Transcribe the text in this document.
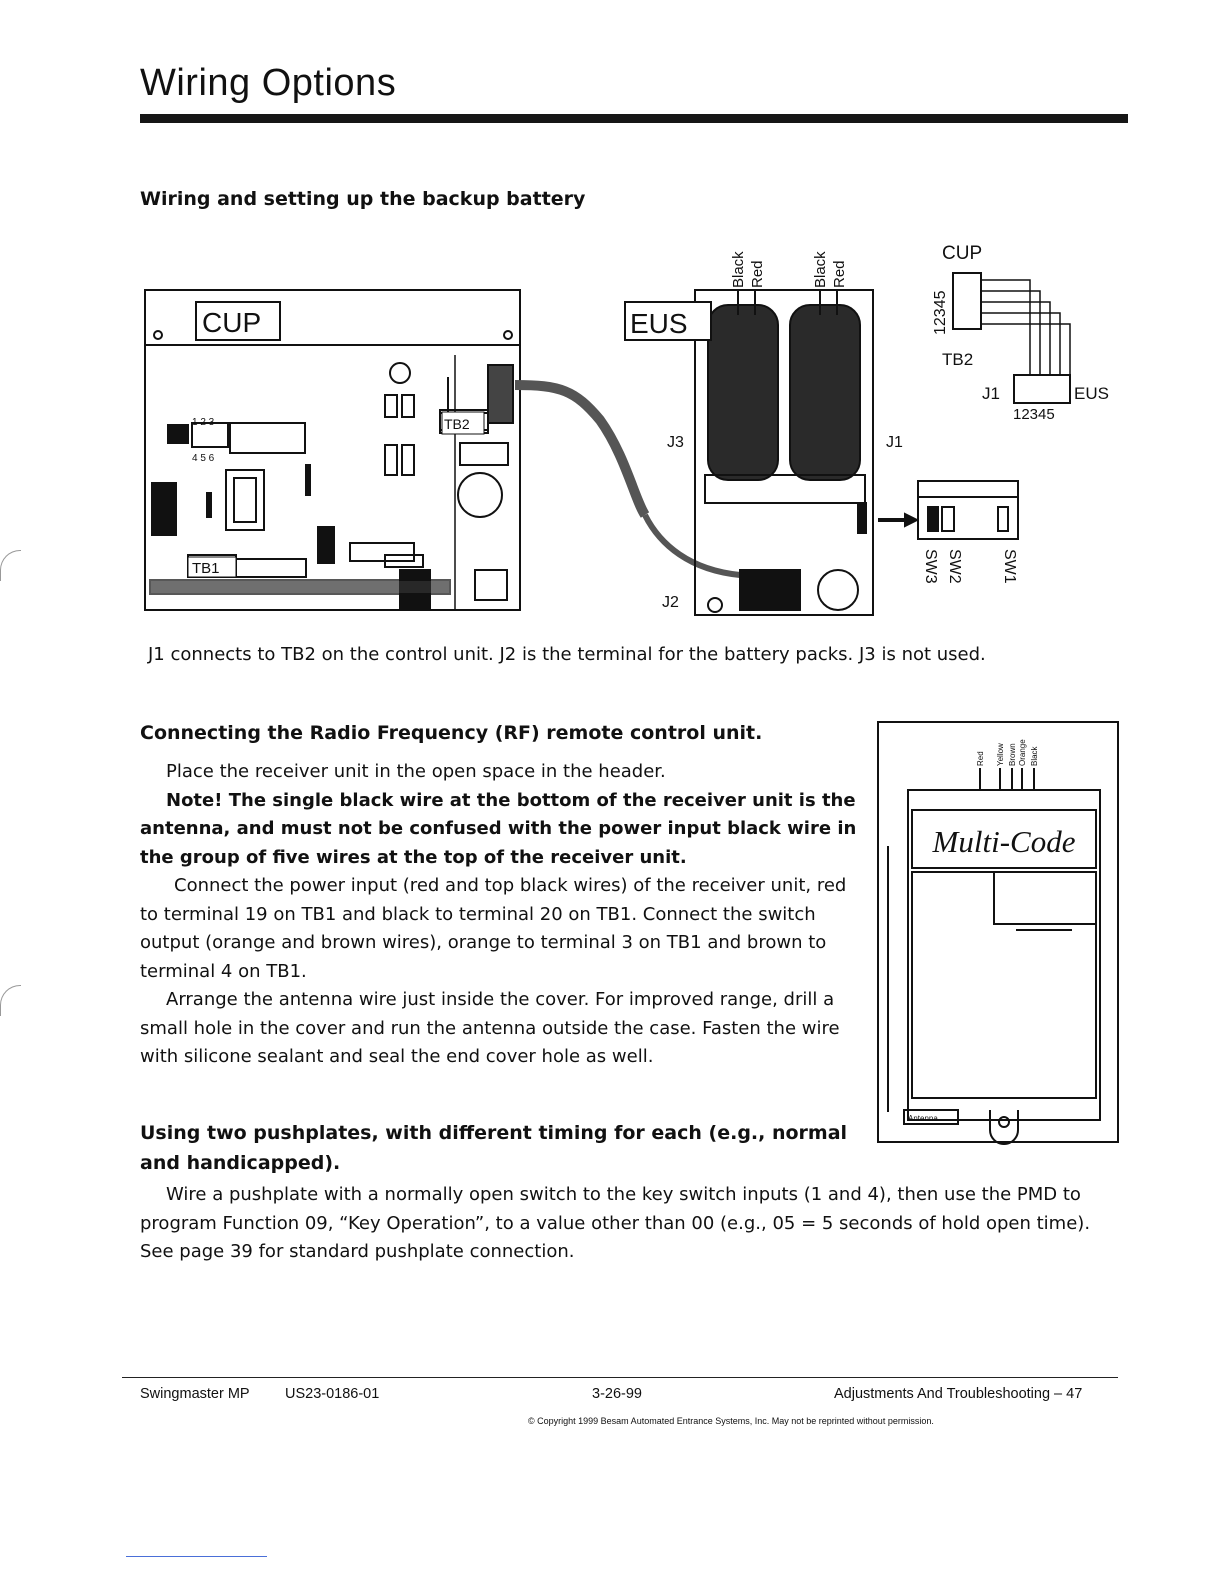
Wiring Options
Wiring and setting up the backup battery
CUP
TB2
TB1
1 2 3
4 5 6
EUS
J3
J2
J1
Black Red	Black Red
CUP
12345
TB2
J1	EUS
12345
SW3 SW2 SW1
J1 connects to TB2 on the control unit. J2 is the terminal for the battery packs. J3 is not used.
Connecting the Radio Frequency (RF) remote control unit.

Place the receiver unit in the open space in the header.

Note! The single black wire at the bottom of the receiver unit is the antenna, and must not be confused with the power input black wire in the group of five wires at the top of the receiver unit.

Connect the power input (red and top black wires) of the receiver unit, red to terminal 19 on TB1 and black to terminal 20 on TB1. Connect the switch output (orange and brown wires), orange to terminal 3 on TB1 and brown to terminal 4 on TB1.

Arrange the antenna wire just inside the cover. For improved range, drill a small hole in the cover and run the antenna outside the case. Fasten the wire with silicone sealant and seal the end cover hole as well.

Red Yellow Brown Orange Black
Multi-Code
Antenna
Using two pushplates, with different timing for each (e.g., normal and handicapped).

Wire a pushplate with a normally open switch to the key switch inputs (1 and 4), then use the PMD to program Function 09, “Key Operation”, to a value other than 00 (e.g., 05 = 5 seconds of hold open time). See page 39 for standard pushplate connection.

Swingmaster MP US23-0186-01	3-26-99	Adjustments And Troubleshooting – 47
© Copyright 1999 Besam Automated Entrance Systems, Inc. May not be reprinted without permission.
